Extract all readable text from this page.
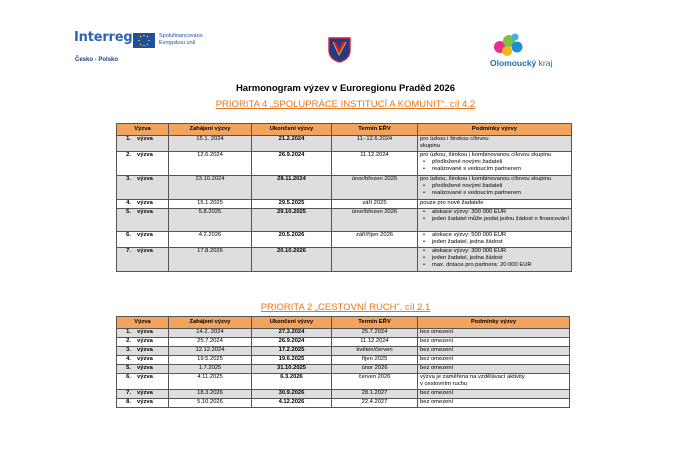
Interreg
Česko - Polsko
Spolufinancováno
Evropskou unií
Olomoucký kraj
Harmonogram výzev v Euroregionu Praděd 2026
PRIORITA 4 „SPOLUPRÁCE INSTITUCÍ A KOMUNIT“. cíl 4.2
Výzva	Zahájení výzvy	Ukončení výzvy	Termín EŘV	Podmínky výzvy
1. výzva	15.1. 2024	21.2.2024	11.-12.6.2024	pro úzkou i širokou cílovou
skupinu

2. výzva	12.6.2024	26.9.2024	11.12.2024	pro úzkou, širokou i kombinovanou cílovou skupinu
• předložené novými žadateli
• realizované s vedoucím partnerem

3. výzva	23.10.2024	28.11.2024	únor/březen 2025	pro úzkou, širokou i kombinovanou cílovou skupinu
• předložené novými žadateli
• realizované s vedoucím partnerem

4. výzva	15.1.2025	29.5.2025	září 2025	pouze pro nové žadatele

5. výzva	5.8.2025	29.10.2025	únor/březen 2026	• alokace výzvy: 300 000 EUR
• jeden žadatel může podat jednu žádost o financování

6. výzva	4.2.2026	20.5.2026	září/říjen 2026	• alokace výzvy: 500 000 EUR
• jeden žadatel, jedna žádost

7. výzva	17.8.2026	20.10.2026		• alokace výzvy: 300 000 EUR
• jeden žadatel, jedna žádost
• max. dotace pro partnera: 20 000 EUR
PRIORITA 2 „CESTOVNÍ RUCH“. cíl 2.1
Výzva	Zahájení výzvy	Ukončení výzvy	Termín EŘV	Podmínky výzvy
1. výzva	14.2. 2024	27.3.2024	25.7.2024	bez omezení

2. výzva	25.7.2024	26.9.2024	11.12.2024	bez omezení

3. výzva	12.12.2024	17.2.2025	květen/červen	bez omezení

4. výzva	19.5.2025	19.6.2025	říjen 2025	bez omezení

5. výzva	1.7.2025	31.10.2025	únor 2026	bez omezení

6. výzva	4.11.2025	6.3.2026	červen 2026	výzva je zaměřena na vzdělávací aktivity
v cestovním ruchu

7. výzva	18.3.2026	30.9.2026	28.1.2027	bez omezení

8. výzva	5.10.2026	4.12.2026	22.4.2027	bez omezení
